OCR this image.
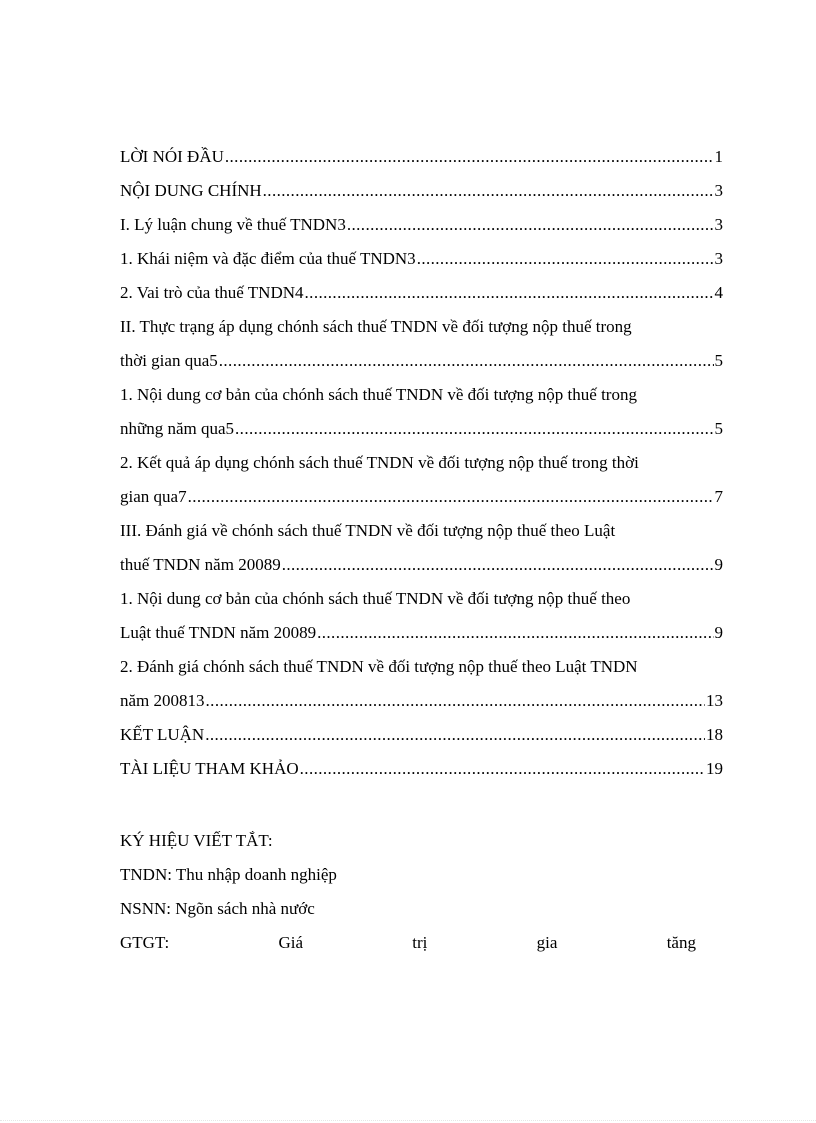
LỜI NÓI ĐẦU .....	1
NỘI DUNG CHÍNH .....	3
I. Lý luận chung về thuế TNDN3 .....	3
1. Khái niệm và đặc điểm của thuế TNDN3 .....	3
2. Vai trò của thuế TNDN4 .....	4
II. Thực trạng áp dụng chónh sách thuế TNDN về đối tượng nộp thuế trong
thời gian qua5 .....	5
1. Nội dung cơ bản của chónh sách thuế TNDN về đối tượng nộp thuế trong
những năm qua5 .....	5
2. Kết quả áp dụng chónh sách thuế TNDN về đối tượng nộp thuế trong thời
gian qua7 .....	7
III. Đánh giá về chónh sách thuế TNDN về đối tượng nộp thuế theo Luật
thuế TNDN năm 20089 .....	9
1. Nội dung cơ bản của chónh sách thuế TNDN về đối tượng nộp thuế theo
Luật thuế TNDN năm 20089 .....	9
2. Đánh giá chónh sách thuế TNDN về đối tượng nộp thuế theo Luật TNDN
năm 200813 .....	13
KẾT LUẬN .....	18
TÀI LIỆU THAM KHẢO .....	19
KÝ HIỆU VIẾT TẮT:
TNDN: Thu nhập doanh nghiệp
NSNN: Ngõn sách nhà nước
GTGT:	Giá	trị	gia	tăng
